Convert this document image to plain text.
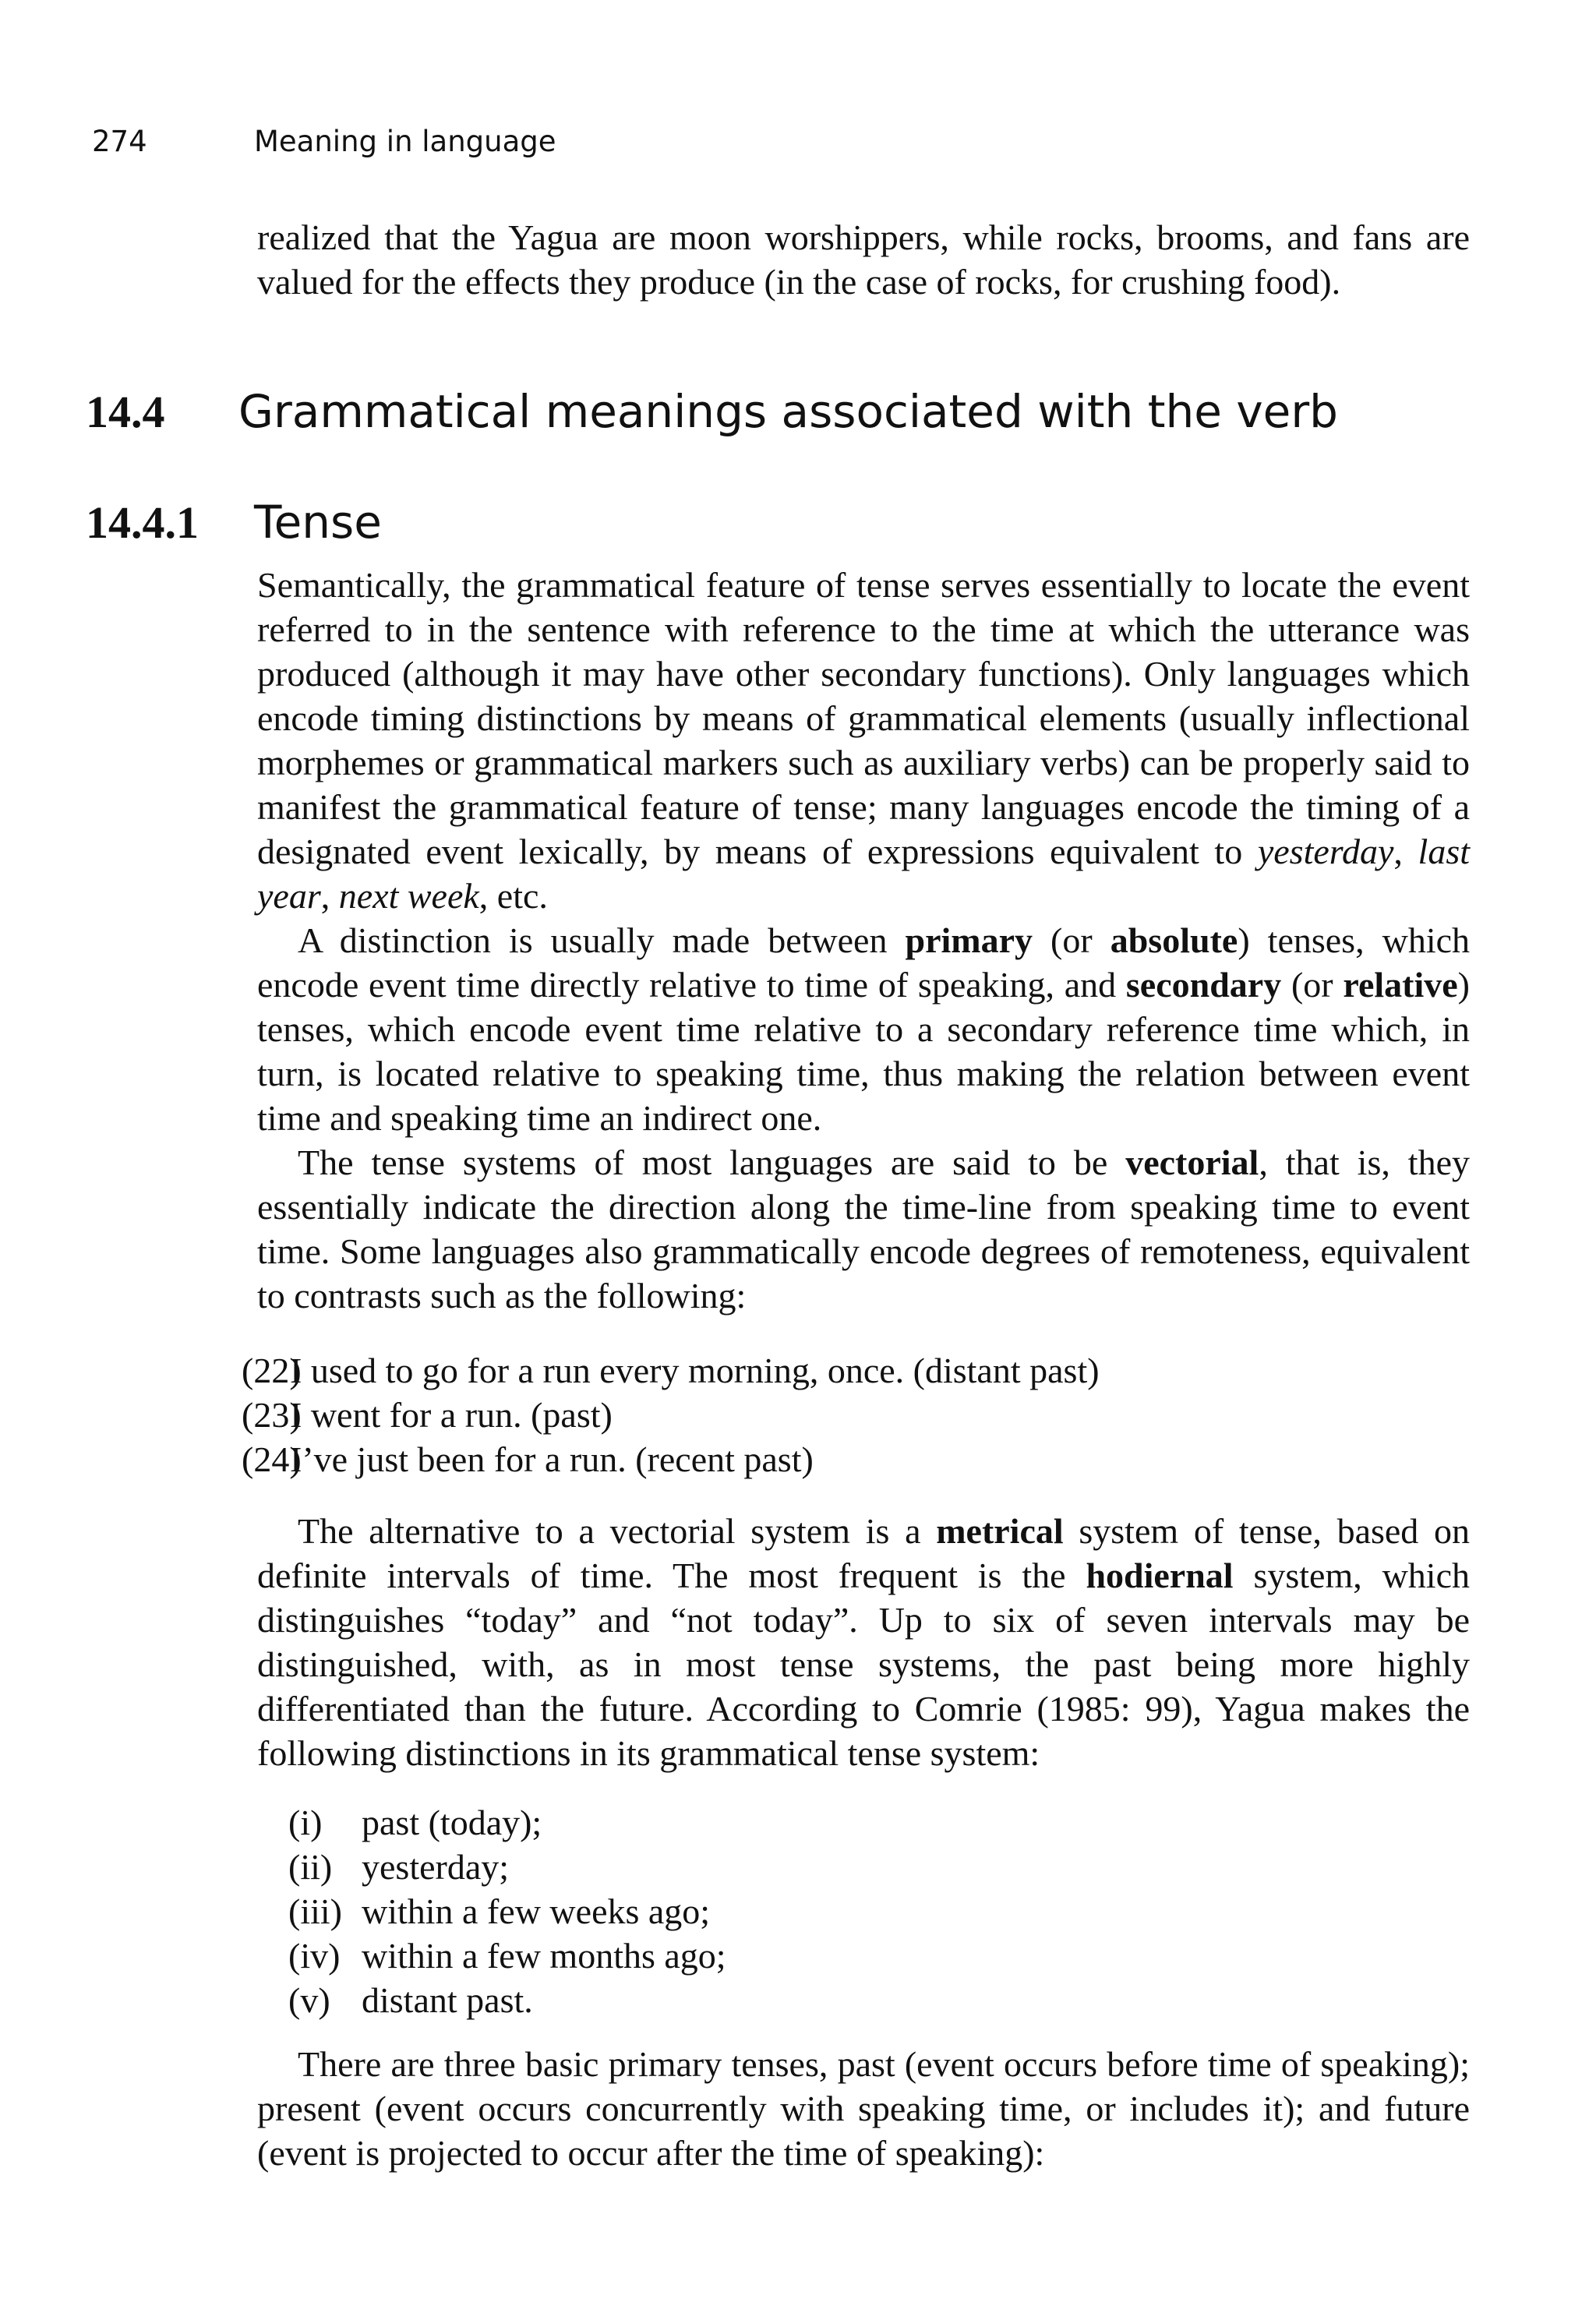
274	Meaning in language

realized that the Yagua are moon worshippers, while rocks, brooms, and fans are valued for the effects they produce (in the case of rocks, for crushing food).

14.4 Grammatical meanings associated with the verb
14.4.1 Tense

Semantically, the grammatical feature of tense serves essentially to locate the event referred to in the sentence with reference to the time at which the utterance was produced (although it may have other secondary functions). Only languages which encode timing distinctions by means of grammatical elements (usually inflectional morphemes or grammatical markers such as auxiliary verbs) can be properly said to manifest the grammatical feature of tense; many languages encode the timing of a designated event lexically, by means of expressions equivalent to yesterday, last year, next week, etc.

A distinction is usually made between primary (or absolute) tenses, which encode event time directly relative to time of speaking, and secondary (or relative) tenses, which encode event time relative to a secondary reference time which, in turn, is located relative to speaking time, thus making the relation between event time and speaking time an indirect one.

The tense systems of most languages are said to be vectorial, that is, they essentially indicate the direction along the time-line from speaking time to event time. Some languages also grammatically encode degrees of remoteness, equivalent to contrasts such as the following:

(22)I used to go for a run every morning, once. (distant past)
(23)I went for a run. (past)
(24)I’ve just been for a run. (recent past)

The alternative to a vectorial system is a metrical system of tense, based on definite intervals of time. The most frequent is the hodiernal system, which distinguishes “today” and “not today”. Up to six of seven intervals may be distinguished, with, as in most tense systems, the past being more highly differentiated than the future. According to Comrie (1985: 99), Yagua makes the following distinctions in its grammatical tense system:

(i) past (today);
(ii) yesterday;
(iii) within a few weeks ago;
(iv) within a few months ago;
(v) distant past.

There are three basic primary tenses, past (event occurs before time of speaking); present (event occurs concurrently with speaking time, or includes it); and future (event is projected to occur after the time of speaking):
